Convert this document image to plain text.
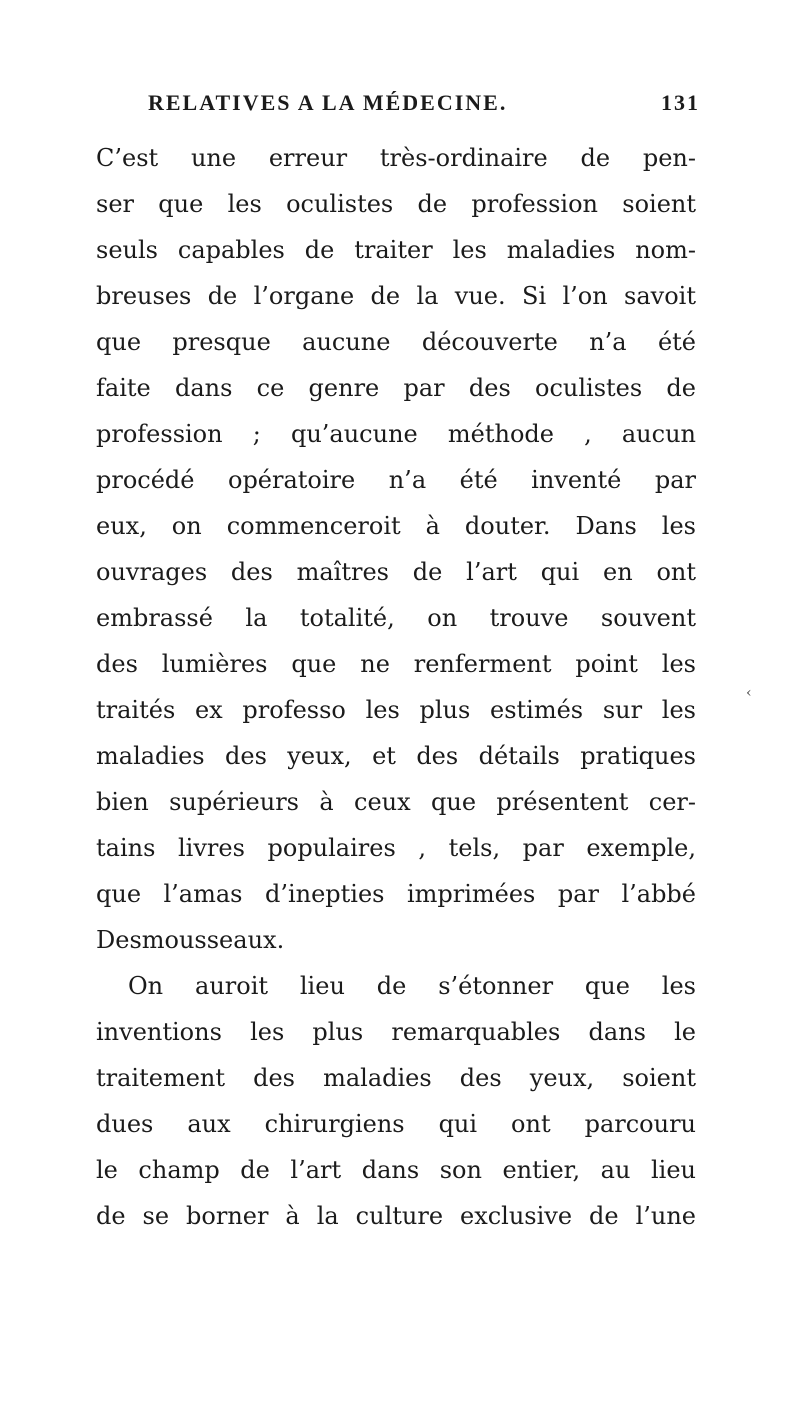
RELATIVES A LA MÉDECINE.	131
C’est une erreur très-ordinaire de pen-
ser que les oculistes de profession soient
seuls capables de traiter les maladies nom-
breuses de l’organe de la vue. Si l’on savoit
que presque aucune découverte n’a été
faite dans ce genre par des oculistes de
profession ; qu’aucune méthode , aucun
procédé opératoire n’a été inventé par
eux, on commenceroit à douter. Dans les
ouvrages des maîtres de l’art qui en ont
embrassé la totalité, on trouve souvent
des lumières que ne renferment point les
traités ex professo les plus estimés sur les
maladies des yeux, et des détails pratiques
bien supérieurs à ceux que présentent cer-
tains livres populaires , tels, par exemple,
que l’amas d’inepties imprimées par l’abbé
Desmousseaux.
On auroit lieu de s’étonner que les
inventions les plus remarquables dans le
traitement des maladies des yeux, soient
dues aux chirurgiens qui ont parcouru
le champ de l’art dans son entier, au lieu
de se borner à la culture exclusive de l’une
‹
